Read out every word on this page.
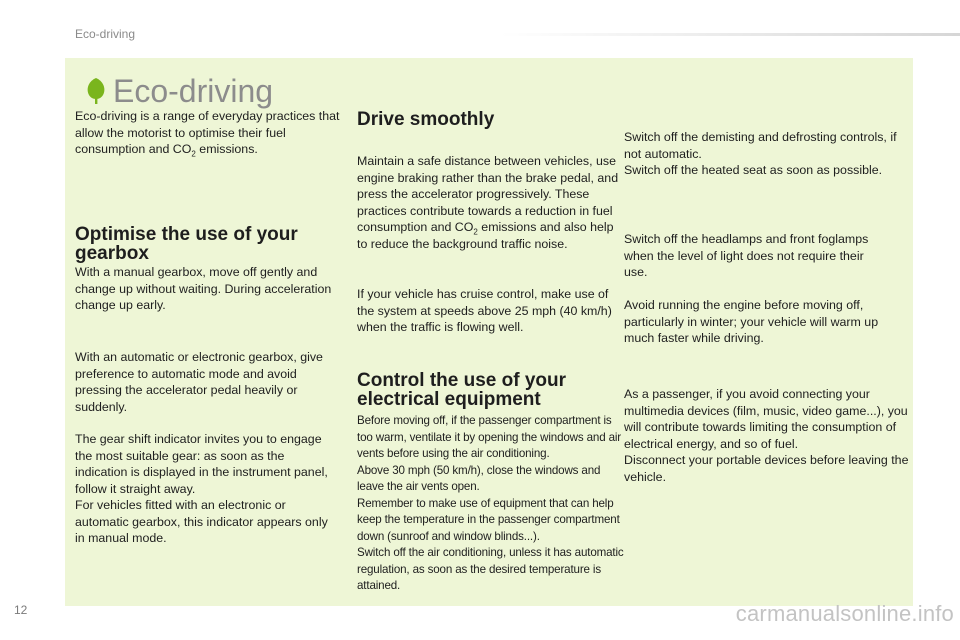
Eco-driving
Eco-driving

Eco-driving is a range of everyday practices that allow the motorist to optimise their fuel consumption and $CO_2$ emissions.

Optimise the use of your gearbox

With a manual gearbox, move off gently and change up without waiting. During acceleration change up early.

With an automatic or electronic gearbox, give preference to automatic mode and avoid pressing the accelerator pedal heavily or suddenly.

The gear shift indicator invites you to engage the most suitable gear: as soon as the indication is displayed in the instrument panel, follow it straight away.

For vehicles fitted with an electronic or automatic gearbox, this indicator appears only in manual mode.

Drive smoothly

Maintain a safe distance between vehicles, use engine braking rather than the brake pedal, and press the accelerator progressively. These practices contribute towards a reduction in fuel consumption and $CO_2$ emissions and also help to reduce the background traffic noise.

If your vehicle has cruise control, make use of the system at speeds above 25 mph (40 km/h) when the traffic is flowing well.

Control the use of your electrical equipment

Before moving off, if the passenger compartment is too warm, ventilate it by opening the windows and air vents before using the air conditioning.

Above 30 mph (50 km/h), close the windows and leave the air vents open.

Remember to make use of equipment that can help keep the temperature in the passenger compartment down (sunroof and window blinds...).

Switch off the air conditioning, unless it has automatic regulation, as soon as the desired temperature is attained.

Switch off the demisting and defrosting controls, if not automatic.

Switch off the heated seat as soon as possible.

Switch off the headlamps and front foglamps when the level of light does not require their use.

Avoid running the engine before moving off, particularly in winter; your vehicle will warm up much faster while driving.

As a passenger, if you avoid connecting your multimedia devices (film, music, video game...), you will contribute towards limiting the consumption of electrical energy, and so of fuel.

Disconnect your portable devices before leaving the vehicle.

12	carmanualsonline.info
